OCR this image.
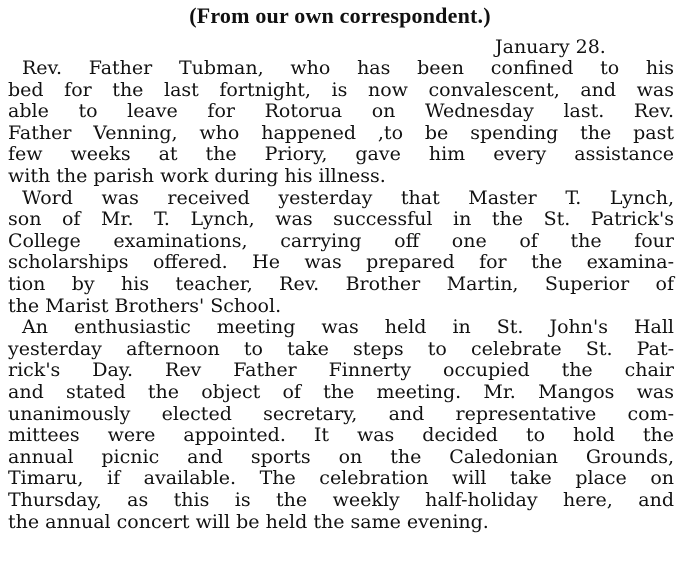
(From our own correspondent.)
January 28.
Rev. Father Tubman, who has been confined to his
bed for the last fortnight, is now convalescent, and was
able to leave for Rotorua on Wednesday last. Rev.
Father Venning, who happened ,to be spending the past
few weeks at the Priory, gave him every assistance
with the parish work during his illness.
Word was received yesterday that Master T. Lynch,
son of Mr. T. Lynch, was successful in the St. Patrick's
College examinations, carrying off one of the four
scholarships offered. He was prepared for the examina-
tion by his teacher, Rev. Brother Martin, Superior of
the Marist Brothers' School.
An enthusiastic meeting was held in St. John's Hall
yesterday afternoon to take steps to celebrate St. Pat-
rick's Day. Rev Father Finnerty occupied the chair
and stated the object of the meeting. Mr. Mangos was
unanimously elected secretary, and representative com-
mittees were appointed. It was decided to hold the
annual picnic and sports on the Caledonian Grounds,
Timaru, if available. The celebration will take place on
Thursday, as this is the weekly half-holiday here, and
the annual concert will be held the same evening.
